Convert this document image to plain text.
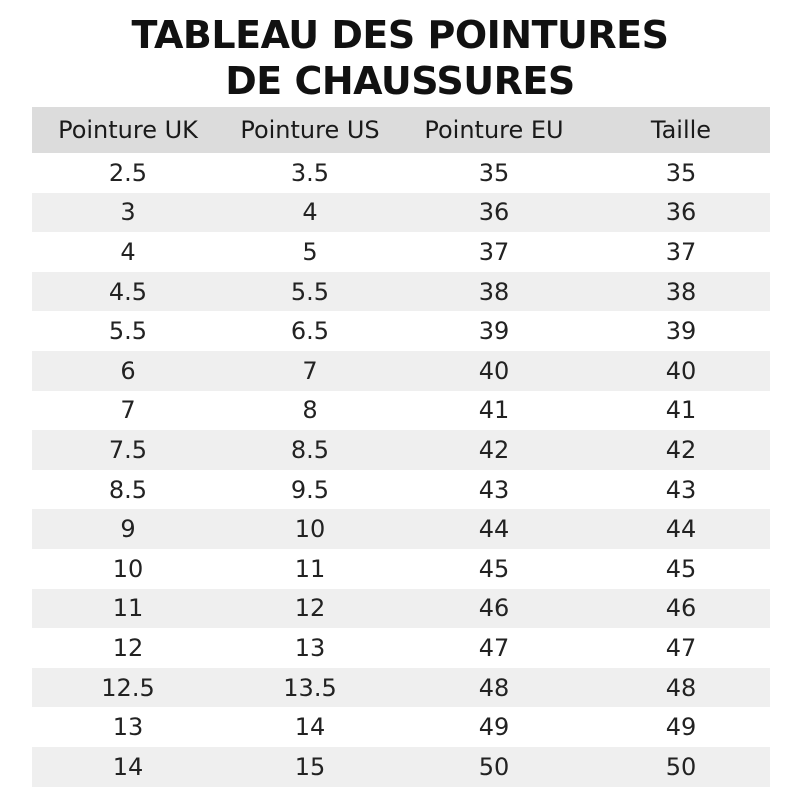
TABLEAU DES POINTURES
DE CHAUSSURES
Pointure UK	Pointure US	Pointure EU	Taille
2.5	3.5	35	35
3	4	36	36
4	5	37	37
4.5	5.5	38	38
5.5	6.5	39	39
6	7	40	40
7	8	41	41
7.5	8.5	42	42
8.5	9.5	43	43
9	10	44	44
10	11	45	45
11	12	46	46
12	13	47	47
12.5	13.5	48	48
13	14	49	49
14	15	50	50
